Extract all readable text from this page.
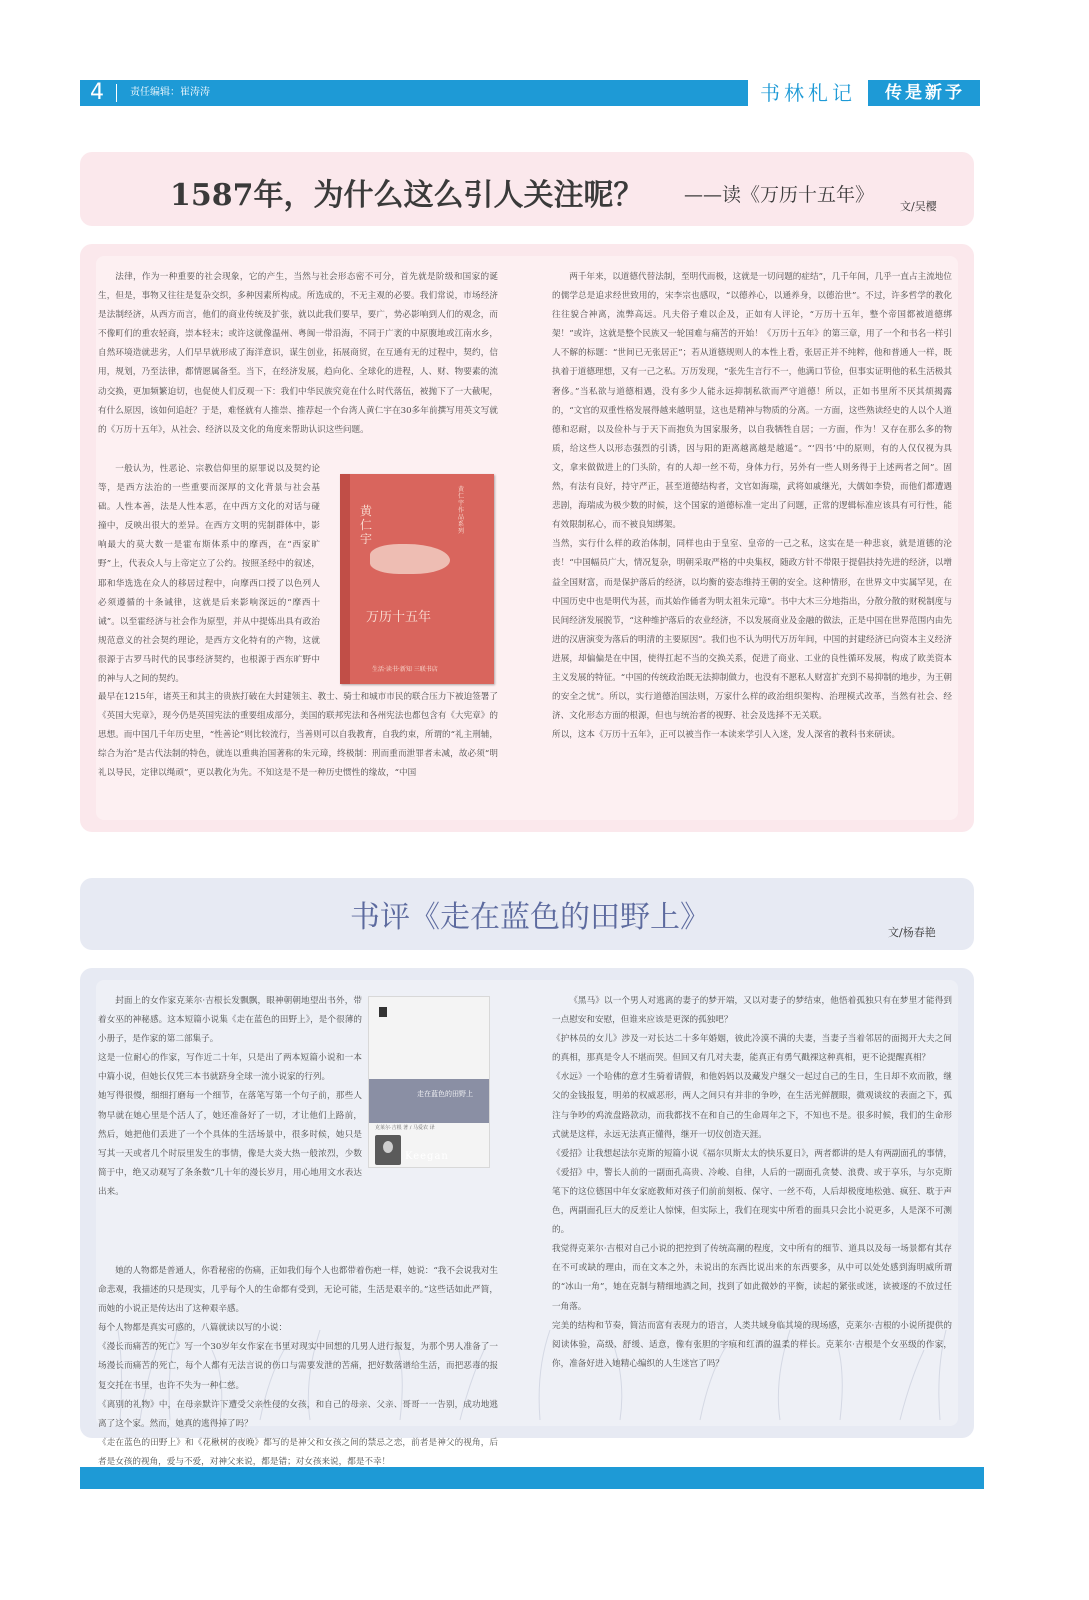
4	责任编辑：崔涛涛	书林札记	传是新予
1587年，为什么这么引人关注呢？ ——读《万历十五年》
文/吴樱

法律，作为一种重要的社会现象，它的产生，当然与社会形态密不可分，首先就是阶级和国家的诞生，但是，事物又往往是复杂交织，多种因素所构成。所选成的，不无主观的必要。我们常说，市场经济是法制经济，从西方而言，他们的商业传统及扩张，就以此我们要早，要广，势必影响到人们的观念，而不像町们的重农轻商，崇本轻末；或许这就像温州、粤闽一带沿海，不同于广袤的中原腹地或江南水乡，自然环境造就悲劣，人们早早就形成了海洋意识，谋生创业，拓展商贸，在互通有无的过程中，契约，信用，规划，乃至法律，都情愿属备至。当下，在经济发展，趋向化、全球化的进程，人、财、物要素的流动交换，更加频繁迫切，也促使人们反观一下：我们中华民族究竟在什么时代落伍，被抛下了一大截呢，有什么原因，该如何追赶？于是，难怪就有人推崇、推荐起一个台湾人黄仁宇在30多年前撰写用英文写就的《万历十五年》，从社会、经济以及文化的角度来帮助认识这些问题。

一般认为，性恶论、宗教信仰里的原罪说以及契约论等，是西方法治的一些重要而深厚的文化背景与社会基础。人性本善，法是人性本恶，在中西方文化的对话与碰撞中，反映出很大的差异。在西方文明的宪制群体中，影响最大的莫大数一是霍布斯体系中的摩西，在“西家旷野”上，代表众人与上帝定立了公约。按照圣经中的叙述，耶和华选选在众人的移居过程中，向摩西口授了以色列人必须遵循的十条诫律，这就是后来影响深远的“摩西十诫”。以至霍经济与社会作为原型，并从中提炼出具有政治规范意义的社会契约理论，是西方文化特有的产物，这就很源于古罗马时代的民事经济契约，也根源于西东旷野中的神与人之间的契约。

最早在1215年，诸英王和其主的贵族打破在大封建领主、教士、骑士和城市市民的联合压力下被迫签署了《英国大宪章》，现今仍是英国宪法的重要组成部分，美国的联邦宪法和各州宪法也都包含有《大宪章》的思想。而中国几千年历史里，“性善论”则比较流行，当善则可以自我教育，自我约束，所谓的“礼主刑辅，综合为治”是古代法制的特色，就连以重典治国著称的朱元璋，终极制：刑而重而泄罪者未减，故必须“明礼以导民，定律以绳顽”，更以教化为先。不知这是不是一种历史惯性的缘故，“中国

两千年来，以道德代替法制，至明代而极，这就是一切问题的症结”，几千年间，几乎一直占主流地位的儒学总是追求经世致用的，宋李宗也感叹，“以德养心，以通养身，以德治世”。不过，许多哲学的教化往往貌合神离，流弊高远。凡夫俗子难以企及，正如有人评论，“万历十五年，整个帝国都被道德绑架！”或许，这就是整个民族又一轮国难与痛苦的开始！《万历十五年》的第三章，用了一个和书名一样引人不解的标题：“世间已无张居正”；若从道德规则人的本性上看，张居正并不纯粹，他和普通人一样，既执着于道德理想，又有一己之私。万历发现，“张先生言行不一，他满口节俭，但事实证明他的私生活极其奢侈。”当私欲与道德相遇，没有多少人能永远抑制私欲而严守道德！所以，正如书里所不厌其烦揭露的，“文官的双重性格发展得越来越明显，这也是精神与物质的分离。一方面，这些熟读经史的人以个人道德和忍耐，以及俭朴与于天下而抱负为国家服务，以自我牺牲自居；一方面，作为！又存在那么多的物质，给这些人以形态强烈的引诱，因与阳的距离越离越是越遥”。“‘四书’中的原则，有的人仅仅视为具文，拿来做做进上的门头阶，有的人却一丝不苟，身体力行，另外有一些人则务得于上述两者之间”。固然，有法有良好，持守严正，甚至道德结构者，文官如海瑞，武将如戚继光，大儒如李贽，而他们都遭遇悲剧，海瑞成为极少数的时候，这个国家的道德标准一定出了问题，正常的逻辑标准应该具有可行性，能有效限制私心，而不被良知绑架。
当然，实行什么样的政治体制，同样也由于皇室、皇帝的一己之私，这实在是一种悲哀，就是道德的沦丧！“中国幅员广大，情况复杂，明朝采取严格的中央集权，随政方针不带限于提倡扶持先进的经济，以增益全国财富，而是保护落后的经济，以均衡的姿态维持王朝的安全。这种情形，在世界文中实属罕见，在中国历史中也是明代为甚，而其始作俑者为明太祖朱元璋”。书中大木三分地指出，分散分散的财税制度与民间经济发展脱节，“这种维护落后的农业经济，不以发展商业及金融的做法，正是中国在世界范围内由先进的汉唐演变为落后的明清的主要原因”。我们也不认为明代万历年间，中国的封建经济已向资本主义经济进展，却偏偏是在中国，使得扛起不当的交换关系，促进了商业、工业的良性循环发展，构成了欧美资本主义发展的特征。“中国的传统政治既无法抑制做力，也没有不愿私人财富扩充到不易抑制的地步，为王朝的安全之忧”。所以，实行道德治国法则，万家什么样的政治组织架构、治理模式改革，当然有社会、经济、文化形态方面的根源，但也与统治者的视野、社会及选择不无关联。
所以，这本《万历十五年》，正可以被当作一本读来学引人入迷，发人深省的教科书来研读。

黄仁宇作品系列
黄仁宇
万历十五年
生活·读书·新知 三联书店
书评《走在蓝色的田野上》	文/杨春艳

封面上的女作家克莱尔·吉根长发飘飘，眼神朝朝地望出书外，带着女巫的神秘感。这本短篇小说集《走在蓝色的田野上》，是个很薄的小册子，是作家的第二部集子。
这是一位耐心的作家，写作近二十年，只是出了两本短篇小说和一本中篇小说，但她长仅凭三本书就跻身全球一流小说家的行列。
她写得很慢，细细打磨每一个细节，在落笔写第一个句子前，那些人物早就在她心里是个活人了，她还准备好了一切，才让他们上路前，然后，她把他们丢进了一个个具体的生活场景中，很多时候，她只是写其一天或者几个时辰里发生的事情，像是大炎大热一般浓烈，少数简于中，绝又动观写了条条数“几十年的漫长岁月，用心地用文水表达出来。

她的人物都是普通人，你看秘密的伤痛，正如我们每个人也都带着伤疤一样，她说：“我不会说我对生命悲观，我描述的只是现实，几乎每个人的生命都有受到，无论可能，生活是艰辛的。”这些话如此严简，而她的小说正是传达出了这种艰辛感。
每个人物都是真实可感的，八篇就读以写的小说：
《漫长而痛苦的死亡》写一个30岁年女作家在书里对现实中回想的几男人进行报复，为那个男人准备了一场漫长而痛苦的死亡，每个人都有无法言说的伤口与需要发泄的苦痛，把好数落谱给生活，而把恶毒的报复交托在书里，也许不失为一种仁慈。
《离别的礼物》中，在母亲默许下遭受父亲性侵的女孩，和自己的母亲、父亲、哥哥一一告别，成功地逃离了这个家。然而，她真的逃得掉了吗？
《走在蓝色的田野上》和《花楸树的夜晚》都写的是神父和女孩之间的禁忌之恋，前者是神父的视角，后者是女孩的视角，爱与不爱，对神父来说，都是错；对女孩来说，都是不幸！

《黑马》以一个男人对逃离的妻子的梦开端，又以对妻子的梦结束，他悟着孤独只有在梦里才能得到一点慰安和安慰，但谁来应该是更深的孤独吧？
《护林员的女儿》涉及一对长达二十多年婚姻，彼此冷漠不满的夫妻，当妻子当着邻居的面揭开大夫之间的真相，那真是令人不堪而哭。但回又有几对夫妻，能真正有勇气戳裸这种真相，更不论提醒真相？
《水远》一个哈佛的意才生骑着请假，和他妈妈以及藏发户继父一起过自己的生日，生日却不欢而散，继父的金钱报复，明弟的权威恶形，两人之间只有并非的争吵，在生活光鲜靓眼，微观谈纹的表面之下，孤注与争吵的鸡流盘路款动，而我都找不在和自己的生命周年之下，不知也不是。很多时候，我们的生命形式就是这样，永远无法真正懂得，继开一切仪创造天涯。
《爱招》让我想起法尔克斯的短篇小说《福尔贝斯太太的快乐夏日》，两者都讲的是人有两副面孔的事情，《爱招》中，警长人前的一副面孔高贵、冷峻、自律，人后的一副面孔贪婪、浪费、或于享乐，与尔克斯笔下的这位德国中年女家庭教师对孩子们前前刻板、保守、一丝不苟，人后却极度地松弛、疯狂、耽于声色，两副面孔巨大的反差让人惊悚，但实际上，我们在现实中所看的面具只会比小说更多，人是深不可测的。
我觉得克莱尔·吉根对自己小说的把控到了传统高潮的程度，文中所有的细节、道具以及每一场景都有其存在不可或缺的理由，而在文本之外，未说出的东西比说出来的东西要多，从中可以处处感到海明威所谓的“冰山一角”，她在克制与精细地酒之间，找到了如此微妙的平衡，读起的紧张或迷，读被逐的不放过任一角落。
完美的结构和节奏，简洁而富有表现力的语言，人类共域身临其境的现场感，克莱尔·吉根的小说所提供的阅读体验，高级、舒缓、适意，像有张胆的字痕和红酒的温柔的样长。克莱尔·吉根是个女巫级的作家，你，准备好进入她精心编织的人生迷宫了吗？

走在蓝色的田野上
克莱尔·吉根 著 / 马爱农 译
Keegan
